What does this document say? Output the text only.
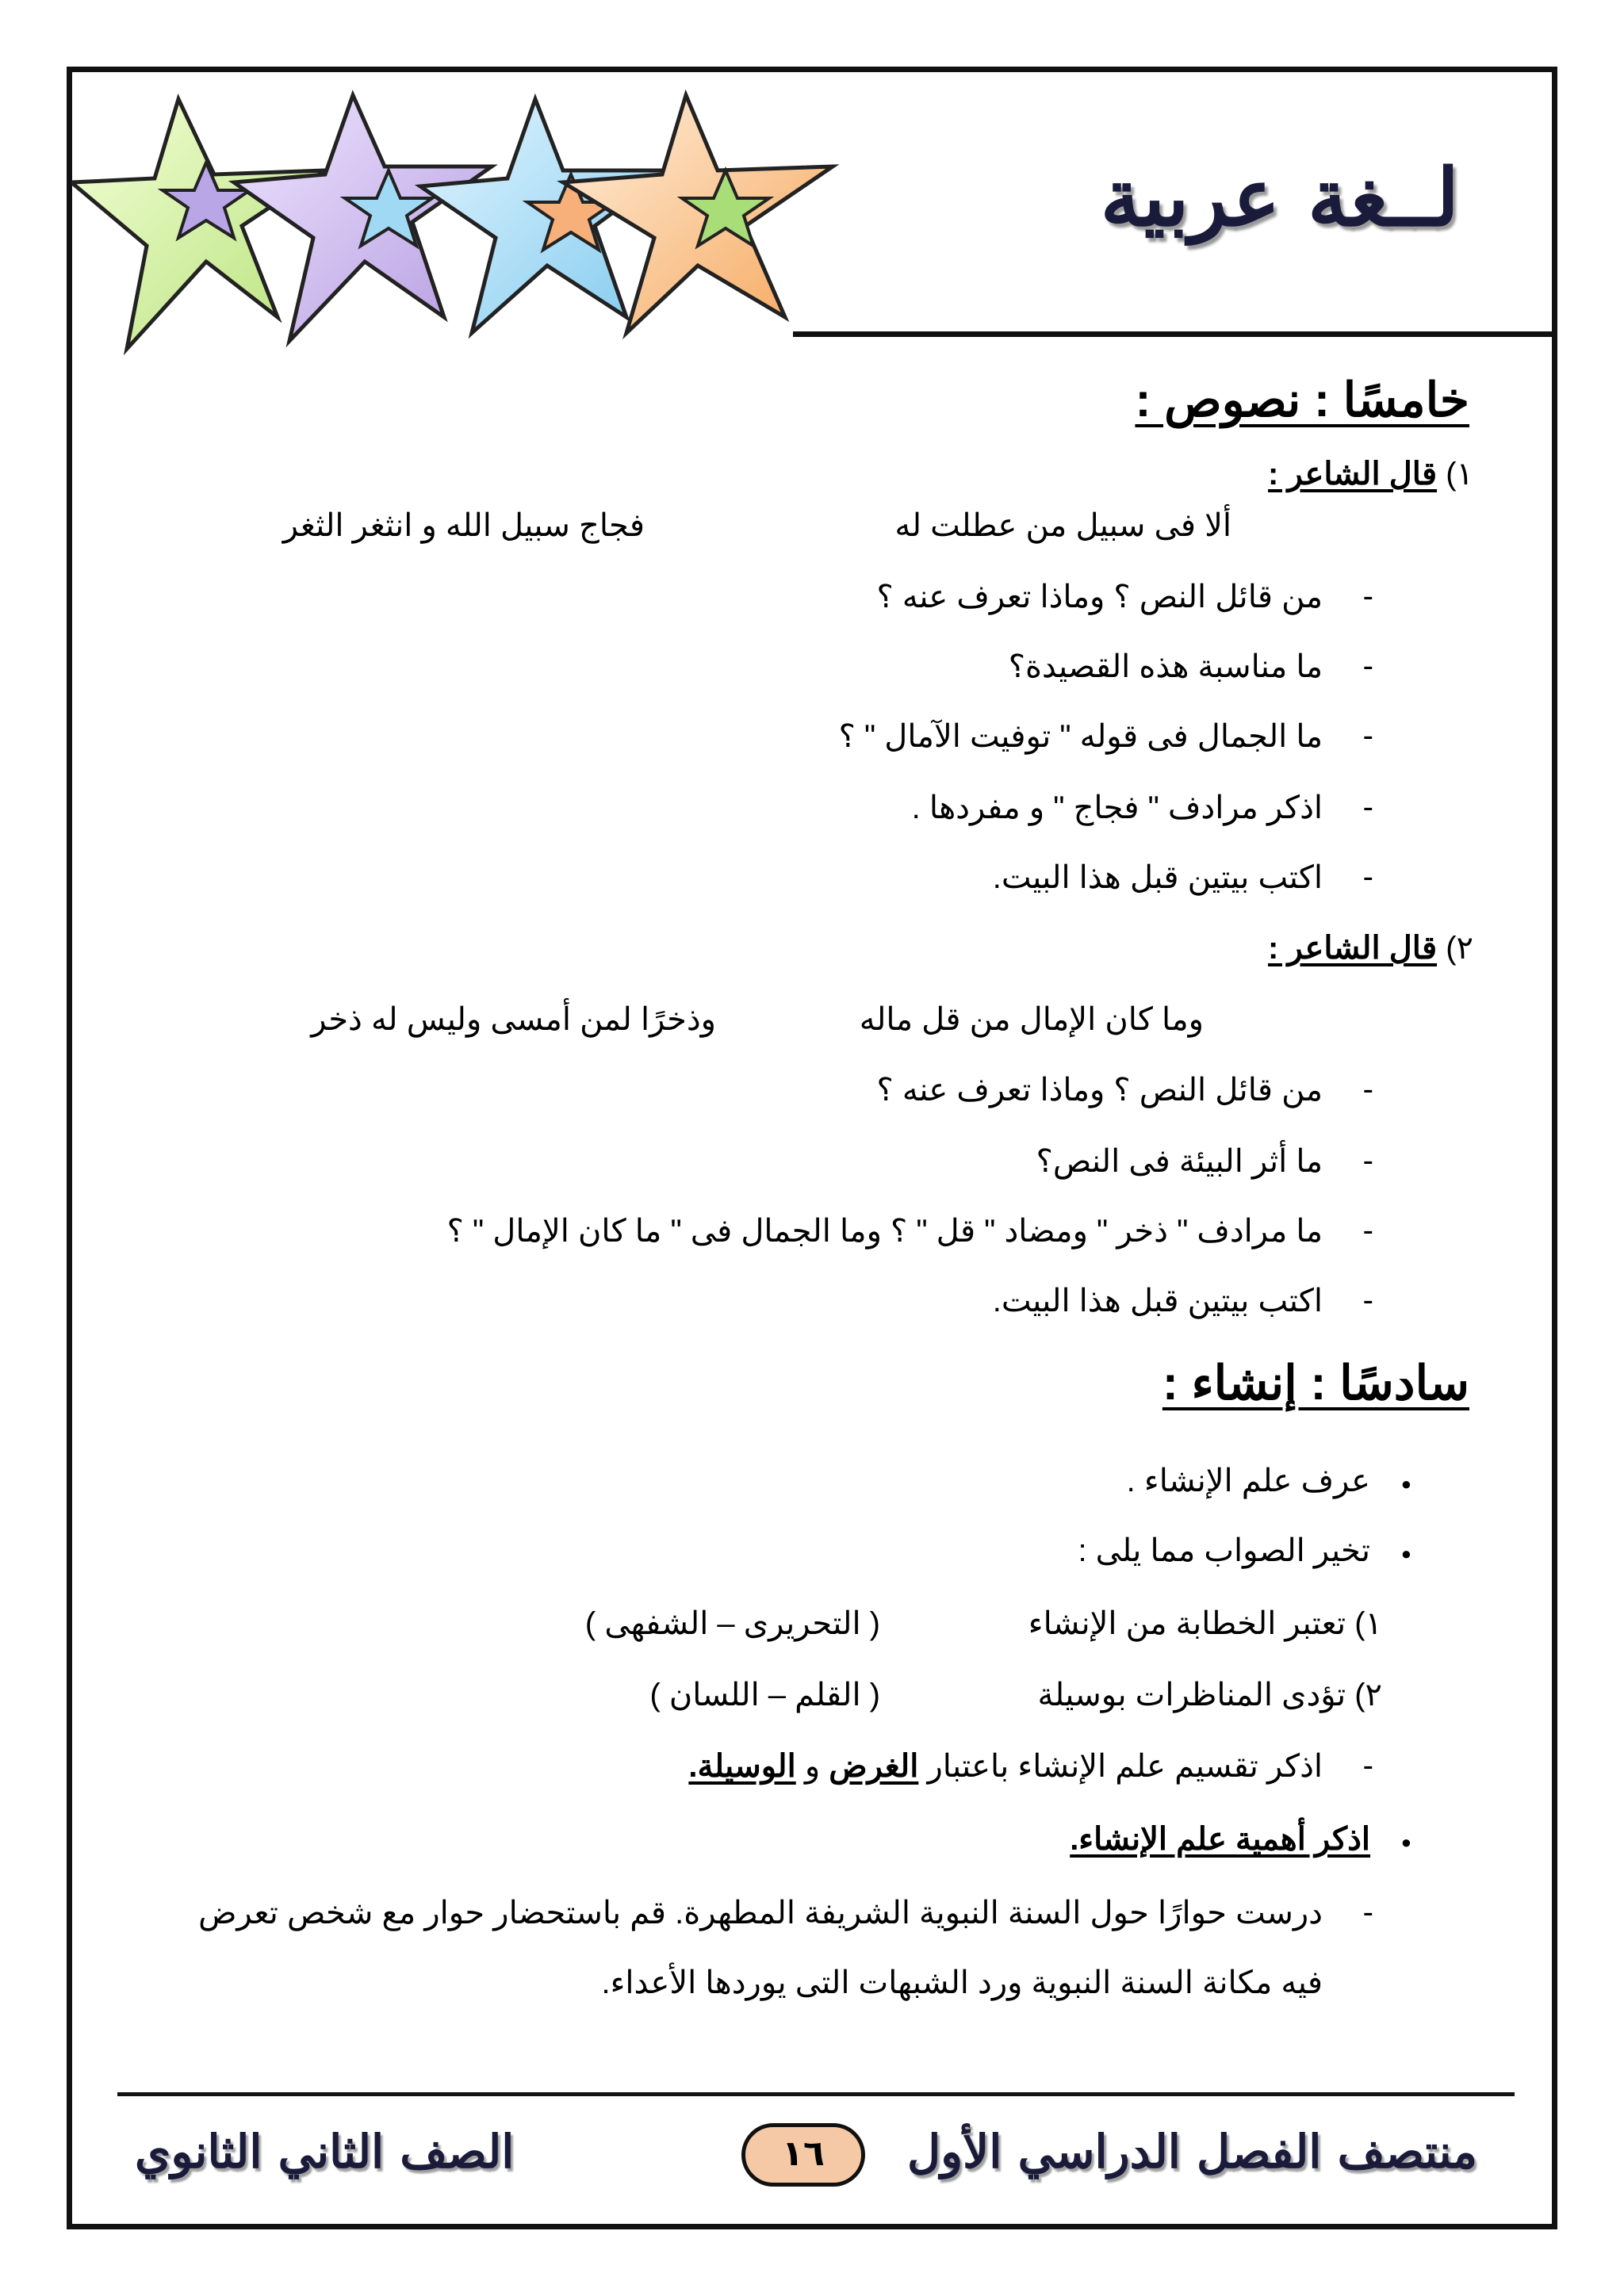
لــغة عربية
خامسًا : نصوص :
١) قال الشاعر :
ألا فى سبيل من عطلت له
فجاج سبيل الله و انثغر الثغر
- من قائل النص ؟ وماذا تعرف عنه ؟
- ما مناسبة هذه القصيدة؟
- ما الجمال فى قوله " توفيت الآمال " ؟
- اذكر مرادف " فجاج " و مفردها .
- اكتب بيتين قبل هذا البيت.
٢) قال الشاعر :
وما كان الإمال من قل ماله
وذخرًا لمن أمسى وليس له ذخر
- من قائل النص ؟ وماذا تعرف عنه ؟
- ما أثر البيئة فى النص؟
- ما مرادف " ذخر " ومضاد " قل " ؟ وما الجمال فى " ما كان الإمال " ؟
- اكتب بيتين قبل هذا البيت.
سادسًا : إنشاء :
● عرف علم الإنشاء .
● تخير الصواب مما يلى :
١) تعتبر الخطابة من الإنشاء
( التحريرى – الشفهى )
٢) تؤدى المناظرات بوسيلة
( القلم – اللسان )
- اذكر تقسيم علم الإنشاء باعتبار الغرض و الوسيلة.
● اذكر أهمية علم الإنشاء.
- درست حوارًا حول السنة النبوية الشريفة المطهرة. قم باستحضار حوار مع شخص تعرض
فيه مكانة السنة النبوية ورد الشبهات التى يوردها الأعداء.
منتصف الفصل الدراسي الأول
١٦
الصف الثاني الثانوي
